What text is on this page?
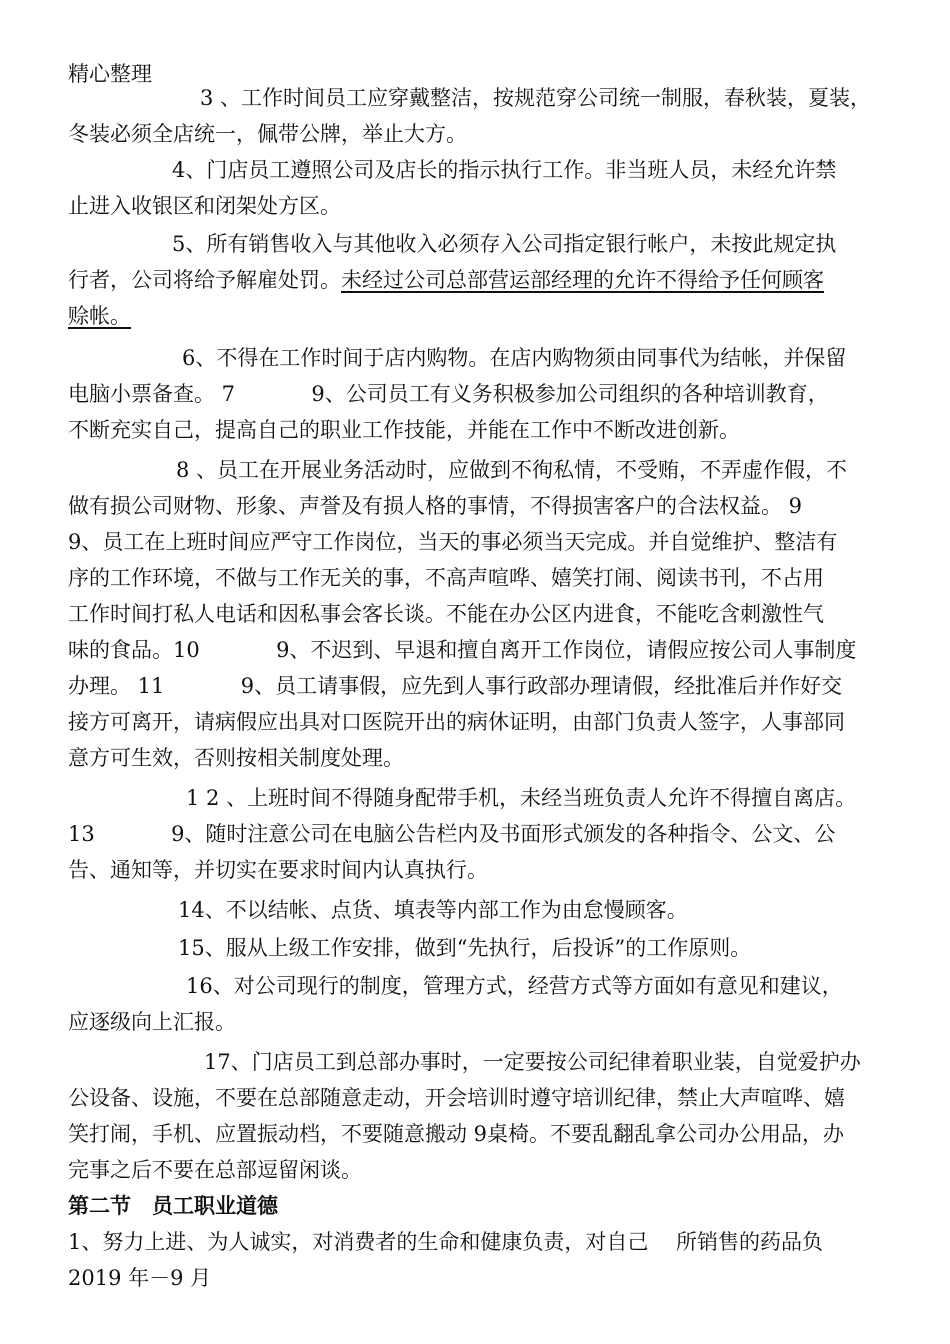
精心整理
3 、工作时间员工应穿戴整洁，按规范穿公司统一制服，春秋装，夏装，
冬装必须全店统一，佩带公牌，举止大方。
4、门店员工遵照公司及店长的指示执行工作。非当班人员，未经允许禁
止进入收银区和闭架处方区。
5、所有销售收入与其他收入必须存入公司指定银行帐户，未按此规定执
行者，公司将给予解雇处罚。未经过公司总部营运部经理的允许不得给予任何顾客
赊帐。
6、不得在工作时间于店内购物。在店内购物须由同事代为结帐，并保留
电脑小票备查。 7 　　　 9、公司员工有义务积极参加公司组织的各种培训教育，
不断充实自己，提高自己的职业工作技能，并能在工作中不断改进创新。
8 、员工在开展业务活动时，应做到不徇私情，不受贿，不弄虚作假，不
做有损公司财物、形象、声誉及有损人格的事情，不得损害客户的合法权益。 9
9、员工在上班时间应严守工作岗位，当天的事必须当天完成。并自觉维护、整洁有
序的工作环境，不做与工作无关的事，不高声喧哗、嬉笑打闹、阅读书刊，不占用
工作时间打私人电话和因私事会客长谈。不能在办公区内进食，不能吃含刺激性气
味的食品。10 　　　 9、不迟到、早退和擅自离开工作岗位，请假应按公司人事制度
办理。 11 　　　 9、员工请事假，应先到人事行政部办理请假，经批准后并作好交
接方可离开，请病假应出具对口医院开出的病休证明，由部门负责人签字，人事部同
意方可生效，否则按相关制度处理。
1 2 、上班时间不得随身配带手机，未经当班负责人允许不得擅自离店。
13 　　　 9、随时注意公司在电脑公告栏内及书面形式颁发的各种指令、公文、公
告、通知等，并切实在要求时间内认真执行。
14、不以结帐、点货、填表等内部工作为由怠慢顾客。
15、服从上级工作安排，做到“先执行，后投诉”的工作原则。
16、对公司现行的制度，管理方式，经营方式等方面如有意见和建议，
应逐级向上汇报。
17、门店员工到总部办事时，一定要按公司纪律着职业装，自觉爱护办
公设备、设施，不要在总部随意走动，开会培训时遵守培训纪律，禁止大声喧哗、嬉
笑打闹，手机、应置振动档，不要随意搬动 9桌椅。不要乱翻乱拿公司办公用品，办
完事之后不要在总部逗留闲谈。
第二节　员工职业道德
1、努力上进、为人诚实，对消费者的生命和健康负责，对自己　 所销售的药品负
2019 年－9 月
